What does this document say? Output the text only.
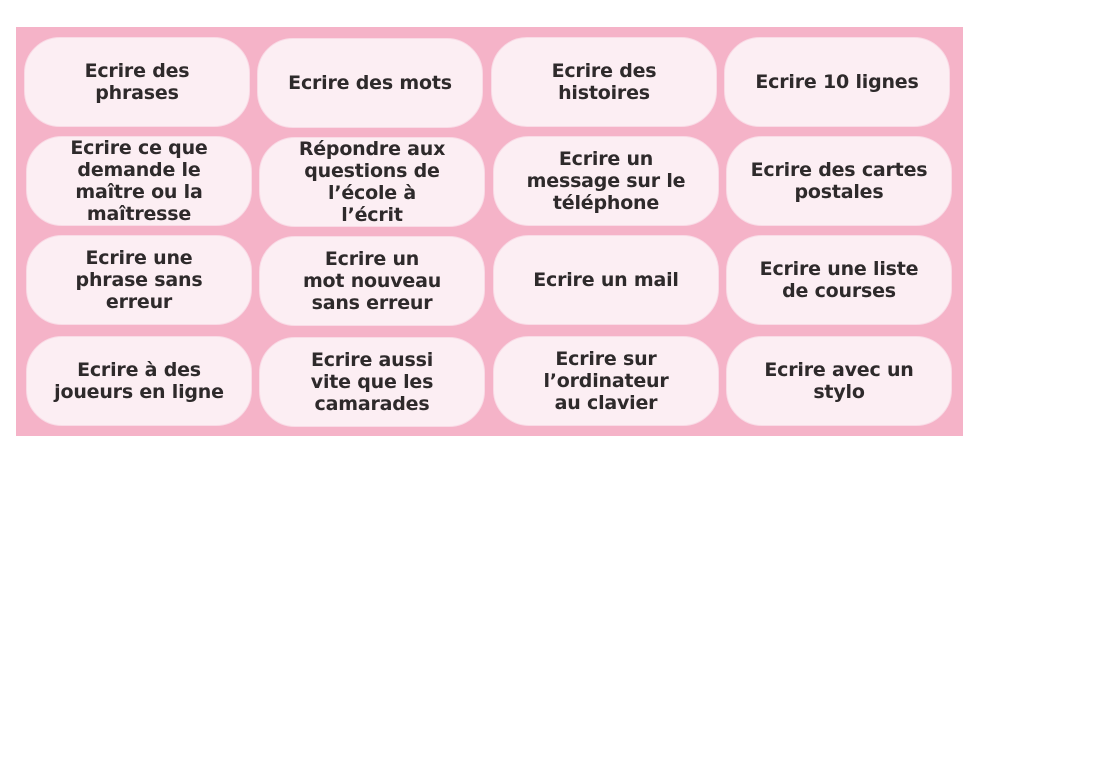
Ecrire des phrases	Ecrire des mots
Ecrire des histoires	Ecrire 10 lignes
Ecrire ce que demande le maître ou la maîtresse
Répondre aux questions de l’école à l’écrit
Ecrire un message sur le téléphone
Ecrire des cartes postales
Ecrire une phrase sans erreur
Ecrire un mot nouveau sans erreur
Ecrire un mail	Ecrire une liste de courses
Ecrire à des joueurs en ligne
Ecrire aussi vite que les camarades
Ecrire sur l’ordinateur au clavier
Ecrire avec un stylo
